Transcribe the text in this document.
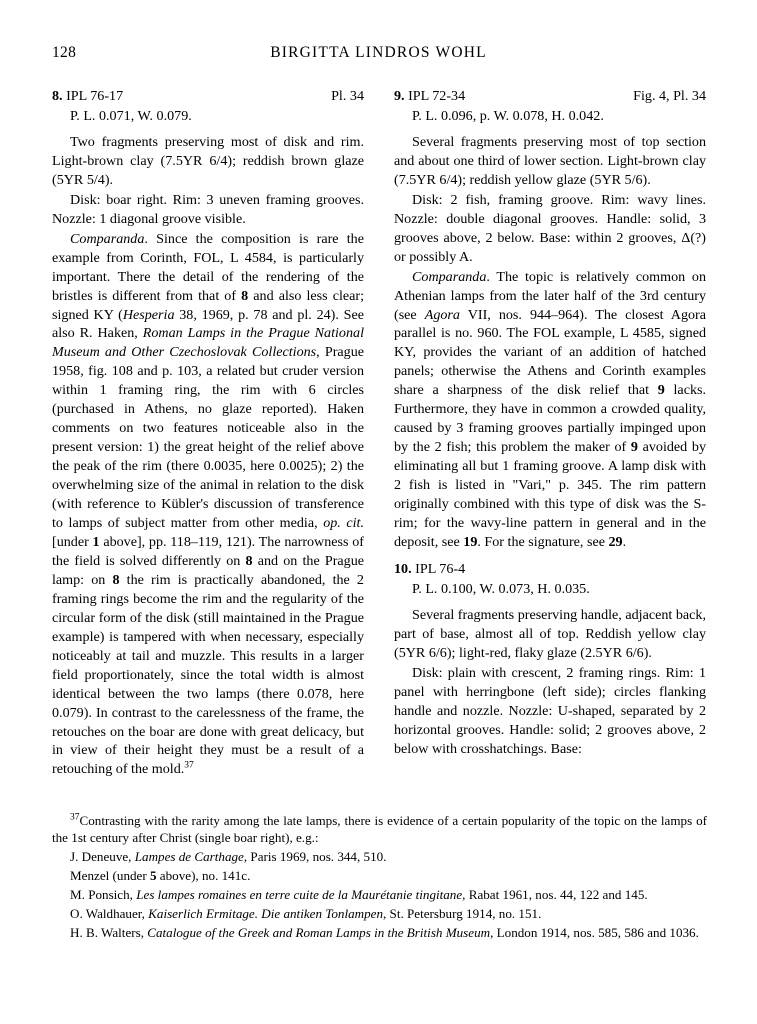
128	BIRGITTA LINDROS WOHL
8. IPL 76-17	Pl. 34

P. L. 0.071, W. 0.079.

Two fragments preserving most of disk and rim. Light-brown clay (7.5YR 6/4); reddish brown glaze (5YR 5/4).

Disk: boar right. Rim: 3 uneven framing grooves. Nozzle: 1 diagonal groove visible.

Comparanda. Since the composition is rare the example from Corinth, FOL, L 4584, is particularly important. There the detail of the rendering of the bristles is different from that of 8 and also less clear; signed KY (Hesperia 38, 1969, p. 78 and pl. 24). See also R. Haken, Roman Lamps in the Prague National Museum and Other Czechoslovak Collections, Prague 1958, fig. 108 and p. 103, a related but cruder version within 1 framing ring, the rim with 6 circles (purchased in Athens, no glaze reported). Haken comments on two features noticeable also in the present version: 1) the great height of the relief above the peak of the rim (there 0.0035, here 0.0025); 2) the overwhelming size of the animal in relation to the disk (with reference to Kübler's discussion of transference to lamps of subject matter from other media, op. cit. [under 1 above], pp. 118–119, 121). The narrowness of the field is solved differently on 8 and on the Prague lamp: on 8 the rim is practically abandoned, the 2 framing rings become the rim and the regularity of the circular form of the disk (still maintained in the Prague example) is tampered with when necessary, especially noticeably at tail and muzzle. This results in a larger field proportionately, since the total width is almost identical between the two lamps (there 0.078, here 0.079). In contrast to the carelessness of the frame, the retouches on the boar are done with great delicacy, but in view of their height they must be a result of a retouching of the mold.$^{37}$

9. IPL 72-34	Fig. 4, Pl. 34

P. L. 0.096, p. W. 0.078, H. 0.042.

Several fragments preserving most of top section and about one third of lower section. Light-brown clay (7.5YR 6/4); reddish yellow glaze (5YR 5/6).

Disk: 2 fish, framing groove. Rim: wavy lines. Nozzle: double diagonal grooves. Handle: solid, 3 grooves above, 2 below. Base: within 2 grooves, Δ(?) or possibly A.

Comparanda. The topic is relatively common on Athenian lamps from the later half of the 3rd century (see Agora VII, nos. 944–964). The closest Agora parallel is no. 960. The FOL example, L 4585, signed KY, provides the variant of an addition of hatched panels; otherwise the Athens and Corinth examples share a sharpness of the disk relief that 9 lacks. Furthermore, they have in common a crowded quality, caused by 3 framing grooves partially impinged upon by the 2 fish; this problem the maker of 9 avoided by eliminating all but 1 framing groove. A lamp disk with 2 fish is listed in "Vari," p. 345. The rim pattern originally combined with this type of disk was the S-rim; for the wavy-line pattern in general and in the deposit, see 19. For the signature, see 29.

10. IPL 76-4

P. L. 0.100, W. 0.073, H. 0.035.

Several fragments preserving handle, adjacent back, part of base, almost all of top. Reddish yellow clay (5YR 6/6); light-red, flaky glaze (2.5YR 6/6).

Disk: plain with crescent, 2 framing rings. Rim: 1 panel with herringbone (left side); circles flanking handle and nozzle. Nozzle: U-shaped, separated by 2 horizontal grooves. Handle: solid; 2 grooves above, 2 below with crosshatchings. Base:

$^{37}$Contrasting with the rarity among the late lamps, there is evidence of a certain popularity of the topic on the lamps of the 1st century after Christ (single boar right), e.g.:

J. Deneuve, Lampes de Carthage, Paris 1969, nos. 344, 510.

Menzel (under 5 above), no. 141c.

M. Ponsich, Les lampes romaines en terre cuite de la Maurétanie tingitane, Rabat 1961, nos. 44, 122 and 145.

O. Waldhauer, Kaiserlich Ermitage. Die antiken Tonlampen, St. Petersburg 1914, no. 151.

H. B. Walters, Catalogue of the Greek and Roman Lamps in the British Museum, London 1914, nos. 585, 586 and 1036.
